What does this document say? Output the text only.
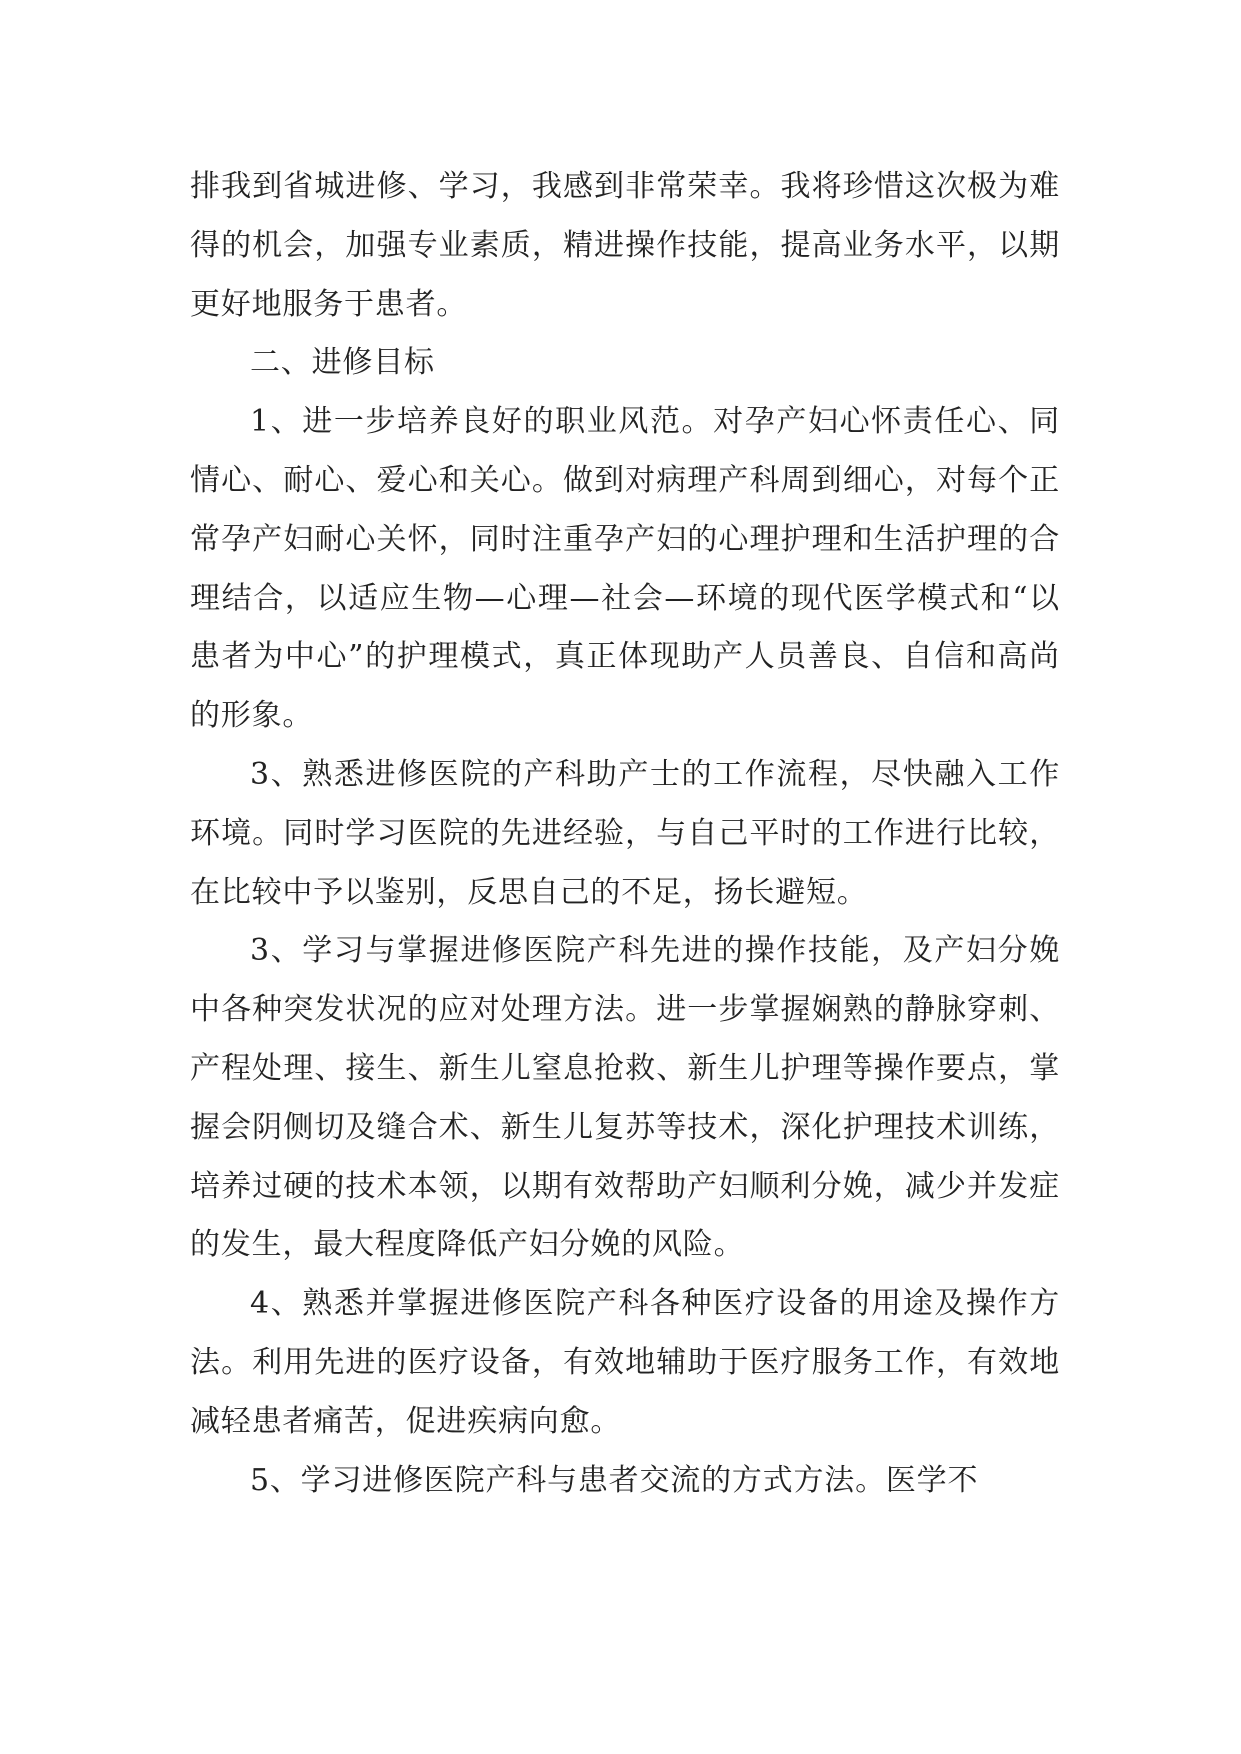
排我到省城进修、学习，我感到非常荣幸。我将珍惜这次极为难得的机会，加强专业素质，精进操作技能，提高业务水平，以期更好地服务于患者。

二、进修目标

1、进一步培养良好的职业风范。对孕产妇心怀责任心、同情心、耐心、爱心和关心。做到对病理产科周到细心，对每个正常孕产妇耐心关怀，同时注重孕产妇的心理护理和生活护理的合理结合，以适应生物—心理—社会—环境的现代医学模式和“以患者为中心”的护理模式，真正体现助产人员善良、自信和高尚的形象。

3、熟悉进修医院的产科助产士的工作流程，尽快融入工作环境。同时学习医院的先进经验，与自己平时的工作进行比较，在比较中予以鉴别，反思自己的不足，扬长避短。

3、学习与掌握进修医院产科先进的操作技能，及产妇分娩中各种突发状况的应对处理方法。进一步掌握娴熟的静脉穿刺、产程处理、接生、新生儿窒息抢救、新生儿护理等操作要点，掌握会阴侧切及缝合术、新生儿复苏等技术，深化护理技术训练，培养过硬的技术本领，以期有效帮助产妇顺利分娩，减少并发症的发生，最大程度降低产妇分娩的风险。

4、熟悉并掌握进修医院产科各种医疗设备的用途及操作方法。利用先进的医疗设备，有效地辅助于医疗服务工作，有效地减轻患者痛苦，促进疾病向愈。

5、学习进修医院产科与患者交流的方式方法。医学不
